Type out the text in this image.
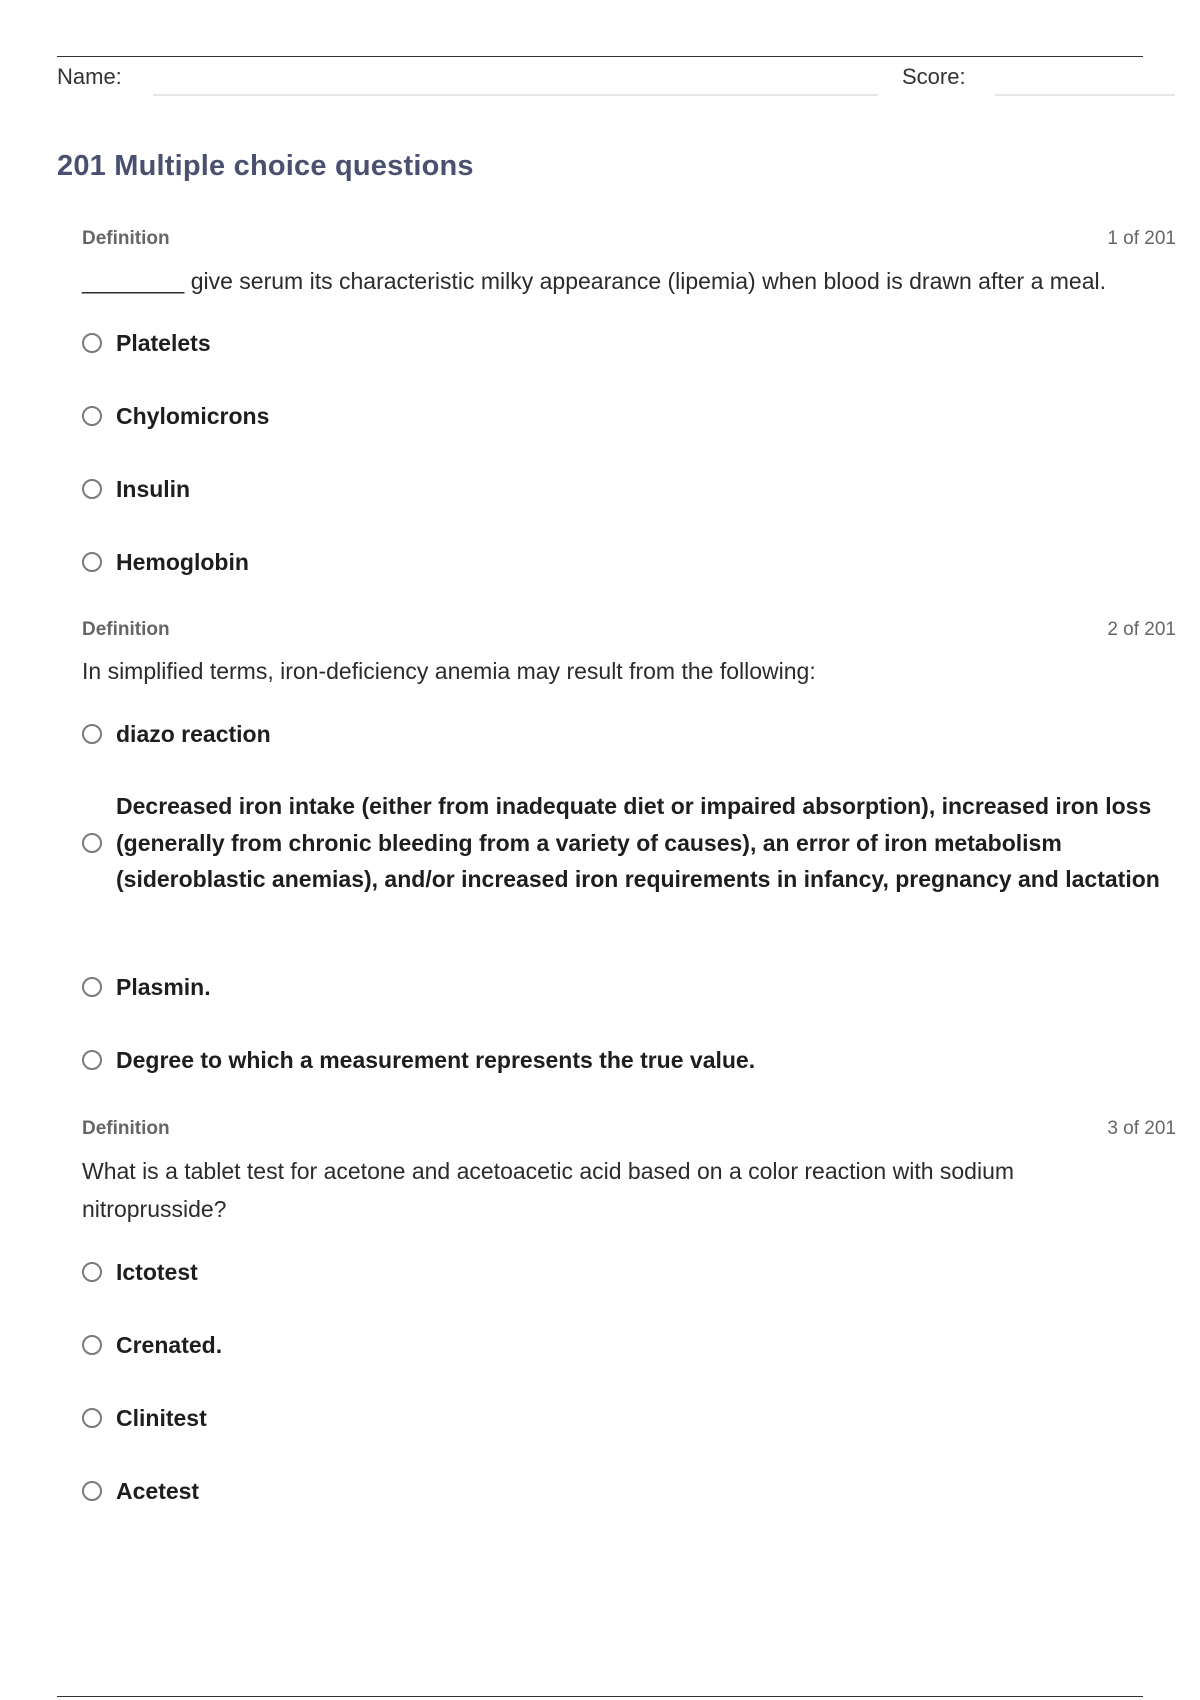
Name:	Score:
201 Multiple choice questions
Definition	1 of 201
________ give serum its characteristic milky appearance (lipemia) when blood is drawn after a meal.
Platelets
Chylomicrons
Insulin
Hemoglobin
Definition	2 of 201
In simplified terms, iron-deficiency anemia may result from the following:
diazo reaction
Decreased iron intake (either from inadequate diet or impaired absorption), increased iron loss (generally from chronic bleeding from a variety of causes), an error of iron metabolism (sideroblastic anemias), and/or increased iron requirements in infancy, pregnancy and lactation
Plasmin.
Degree to which a measurement represents the true value.
Definition	3 of 201
What is a tablet test for acetone and acetoacetic acid based on a color reaction with sodium nitroprusside?
Ictotest
Crenated.
Clinitest
Acetest
